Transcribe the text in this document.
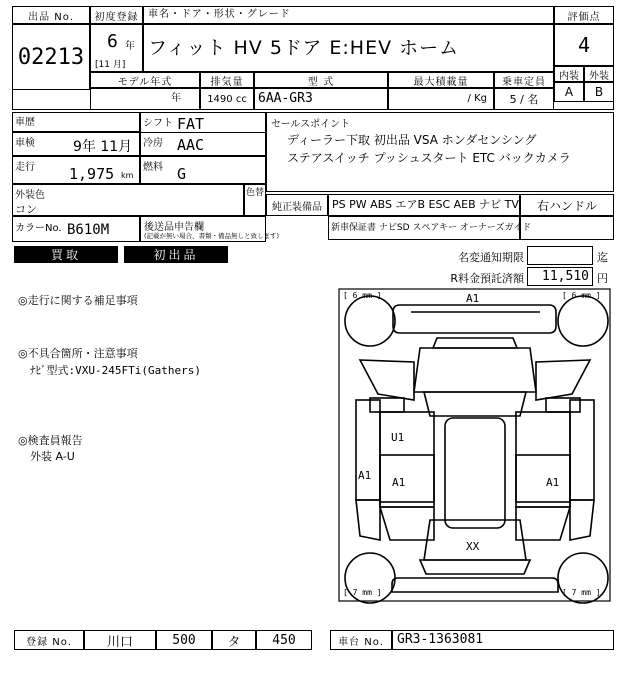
出品 No.
02213
初度登録
6 年
[11 月]
車名・ドア・形状・グレード
フィット HV 5ドア E:HEV ホーム
評価点
4
内装	外装
A	B
モデル年式	排気量	型 式	最大積載量	乗車定員
年	1490 cc 6AA-GR3	/ Kg	5 / 名
車歴	シフト FAT
車検	9年 11月 冷房 AAC
走行 1,975 km
燃料 G
外装色
コン
色替
カラーNo. B610M	後送品申告欄
(記載が無い場合、書類・備品無しと致します)
セールスポイント
ディーラー下取 初出品 VSA ホンダセンシング
ステアスイッチ プッシュスタート ETC バックカメラ
純正装備品 PS PW ABS エアB ESC AEB ナビ TV	右ハンドル
新車保証書 ナビSD スペアキー オーナーズガイド
買取	初出品	名変通知期限	迄
R料金預託済額	11,510 円
◎走行に関する補足事項
◎不具合箇所・注意事項
ﾅﾋﾞ型式:VXU-245FTi(Gathers)
◎検査員報告
外装 A-U
[ 6 mm ]	[ 6 mm ]
[ 7 mm ]	[ 7 mm ]
A1
U1
A1	A1
A1
XX
登録 No.	川口	500	タ	450	車台 No.	GR3-1363081
